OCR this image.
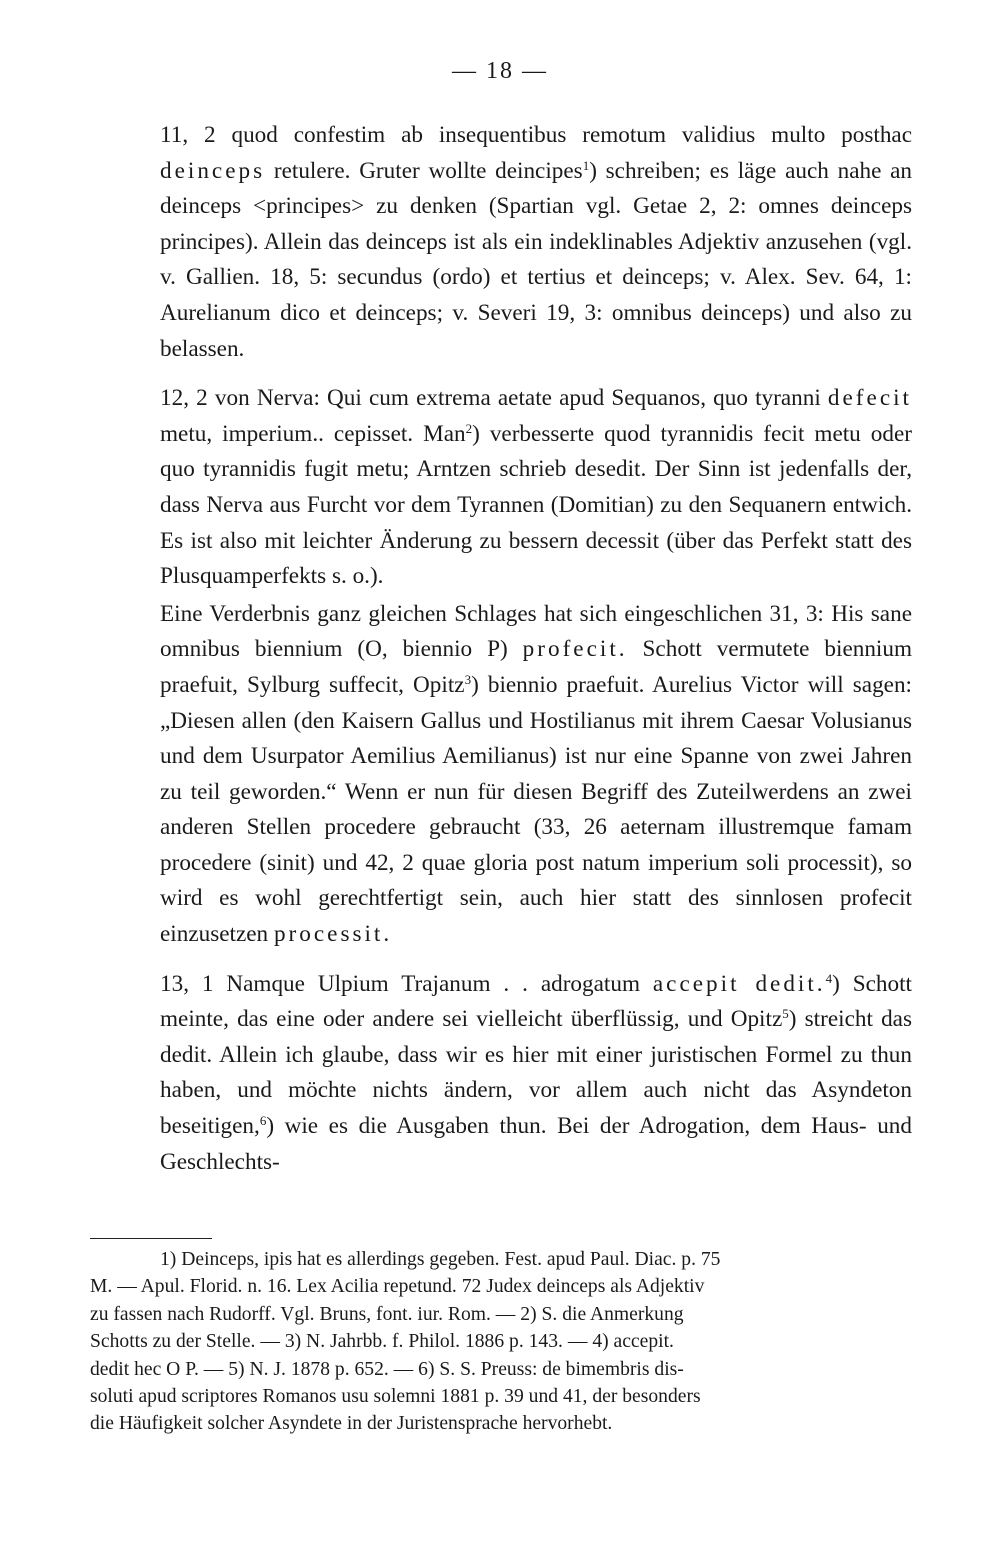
— 18 —

11, 2 quod confestim ab insequentibus remotum validius multo posthac deinceps retulere. Gruter wollte deincipes$^1$) schreiben; es läge auch nahe an deinceps <principes> zu denken (Spartian vgl. Getae 2, 2: omnes deinceps principes). Allein das deinceps ist als ein indeklinables Adjektiv anzusehen (vgl. v. Gallien. 18, 5: secundus (ordo) et tertius et deinceps; v. Alex. Sev. 64, 1: Aurelianum dico et deinceps; v. Severi 19, 3: omnibus deinceps) und also zu belassen.

12, 2 von Nerva: Qui cum extrema aetate apud Sequanos, quo tyranni defecit metu, imperium.. cepisset. Man$^2$) verbesserte quod tyrannidis fecit metu oder quo tyrannidis fugit metu; Arntzen schrieb desedit. Der Sinn ist jedenfalls der, dass Nerva aus Furcht vor dem Tyrannen (Domitian) zu den Sequanern entwich. Es ist also mit leichter Änderung zu bessern decessit (über das Perfekt statt des Plusquamperfekts s. o.).

Eine Verderbnis ganz gleichen Schlages hat sich eingeschlichen 31, 3: His sane omnibus biennium (O, biennio P) profecit. Schott vermutete biennium praefuit, Sylburg suffecit, Opitz$^3$) biennio praefuit. Aurelius Victor will sagen: „Diesen allen (den Kaisern Gallus und Hostilianus mit ihrem Caesar Volusianus und dem Usurpator Aemilius Aemilianus) ist nur eine Spanne von zwei Jahren zu teil geworden.“ Wenn er nun für diesen Begriff des Zuteilwerdens an zwei anderen Stellen procedere gebraucht (33, 26 aeternam illustremque famam procedere (sinit) und 42, 2 quae gloria post natum imperium soli processit), so wird es wohl gerechtfertigt sein, auch hier statt des sinnlosen profecit einzusetzen processit.

13, 1 Namque Ulpium Trajanum . . adrogatum accepit dedit.$^4$) Schott meinte, das eine oder andere sei vielleicht überflüssig, und Opitz$^5$) streicht das dedit. Allein ich glaube, dass wir es hier mit einer juristischen Formel zu thun haben, und möchte nichts ändern, vor allem auch nicht das Asyndeton beseitigen,$^6$) wie es die Ausgaben thun. Bei der Adrogation, dem Haus- und Geschlechts-

1) Deinceps, ipis hat es allerdings gegeben. Fest. apud Paul. Diac. p. 75
M. — Apul. Florid. n. 16. Lex Acilia repetund. 72 Judex deinceps als Adjektiv
zu fassen nach Rudorff. Vgl. Bruns, font. iur. Rom. — 2) S. die Anmerkung
Schotts zu der Stelle. — 3) N. Jahrbb. f. Philol. 1886 p. 143. — 4) accepit.
dedit hec O P. — 5) N. J. 1878 p. 652. — 6) S. S. Preuss: de bimembris dis-
soluti apud scriptores Romanos usu solemni 1881 p. 39 und 41, der besonders
die Häufigkeit solcher Asyndete in der Juristensprache hervorhebt.
